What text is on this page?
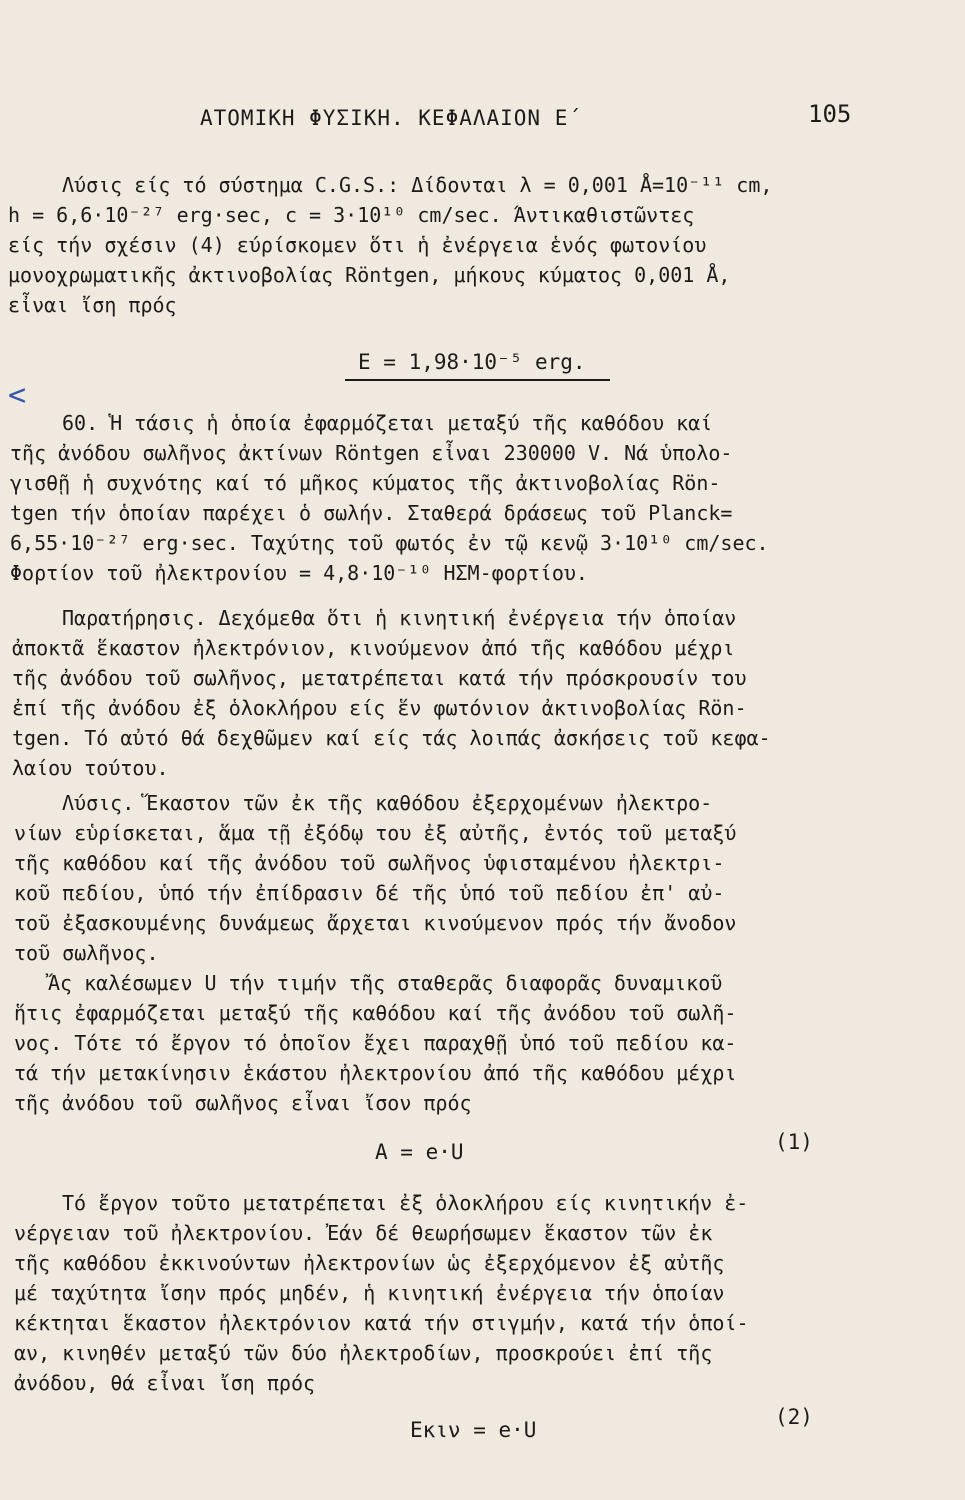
ΑΤΟΜΙΚΗ ΦΥΣΙΚΗ. ΚΕΦΑΛΑΙΟΝ Ε΄	105
Λύσις είς τό σύστημα C.G.S.: Δίδονται λ = 0,001 Å=10⁻¹¹ cm,
h = 6,6·10⁻²⁷ erg·sec, c = 3·10¹⁰ cm/sec. Άντικαθιστῶντες
είς τήν σχέσιν (4) εύρίσκομεν ὅτι ἡ ἐνέργεια ἑνός φωτονίου
μονοχρωματικῆς ἀκτινοβολίας Röntgen, μήκους κύματος 0,001 Å,
εἶναι ἴση πρός
E = 1,98·10⁻⁵ erg.
<
60. Ἡ τάσις ἡ ὁποία ἐφαρμόζεται μεταξύ τῆς καθόδου καί
τῆς ἀνόδου σωλῆνος ἀκτίνων Röntgen εἶναι 230000 V. Νά ὑπολο-
γισθῇ ἡ συχνότης καί τό μῆκος κύματος τῆς ἀκτινοβολίας Rön-
tgen τήν ὁποίαν παρέχει ὁ σωλήν. Σταθερά δράσεως τοῦ Planck=
6,55·10⁻²⁷ erg·sec. Ταχύτης τοῦ φωτός ἐν τῷ κενῷ 3·10¹⁰ cm/sec.
Φορτίον τοῦ ἠλεκτρονίου = 4,8·10⁻¹⁰ ΗΣΜ-φορτίου.
Παρατήρησις. Δεχόμεθα ὅτι ἡ κινητική ἐνέργεια τήν ὁποίαν
ἀποκτᾶ ἕκαστον ἠλεκτρόνιον, κινούμενον ἀπό τῆς καθόδου μέχρι
τῆς ἀνόδου τοῦ σωλῆνος, μετατρέπεται κατά τήν πρόσκρουσίν του
ἐπί τῆς ἀνόδου ἐξ ὁλοκλήρου είς ἕν φωτόνιον ἀκτινοβολίας Rön-
tgen. Τό αὐτό θά δεχθῶμεν καί είς τάς λοιπάς ἀσκήσεις τοῦ κεφα-
λαίου τούτου.
Λύσις. Ἕκαστον τῶν ἐκ τῆς καθόδου ἐξερχομένων ἠλεκτρο-
νίων εὑρίσκεται, ἅμα τῇ ἐξόδῳ του ἐξ αὐτῆς, ἐντός τοῦ μεταξύ
τῆς καθόδου καί τῆς ἀνόδου τοῦ σωλῆνος ὑφισταμένου ἠλεκτρι-
κοῦ πεδίου, ὑπό τήν ἐπίδρασιν δέ τῆς ὑπό τοῦ πεδίου ἐπ' αὐ-
τοῦ ἐξασκουμένης δυνάμεως ἄρχεται κινούμενον πρός τήν ἄνοδον
τοῦ σωλῆνος.
Ἄς καλέσωμεν U τήν τιμήν τῆς σταθερᾶς διαφορᾶς δυναμικοῦ
ἥτις ἐφαρμόζεται μεταξύ τῆς καθόδου καί τῆς ἀνόδου τοῦ σωλῆ-
νος. Τότε τό ἔργον τό ὁποῖον ἔχει παραχθῇ ὑπό τοῦ πεδίου κα-
τά τήν μετακίνησιν ἑκάστου ἠλεκτρονίου ἀπό τῆς καθόδου μέχρι
τῆς ἀνόδου τοῦ σωλῆνος εἶναι ἴσον πρός
A = e·U	(1)
Τό ἔργον τοῦτο μετατρέπεται ἐξ ὁλοκλήρου είς κινητικήν ἐ-
νέργειαν τοῦ ἠλεκτρονίου. Ἐάν δέ θεωρήσωμεν ἕκαστον τῶν ἐκ
τῆς καθόδου ἐκκινούντων ἠλεκτρονίων ὡς ἐξερχόμενον ἐξ αὐτῆς
μέ ταχύτητα ἴσην πρός μηδέν, ἡ κινητική ἐνέργεια τήν ὁποίαν
κέκτηται ἕκαστον ἠλεκτρόνιον κατά τήν στιγμήν, κατά τήν ὁποί-
αν, κινηθέν μεταξύ τῶν δύο ἠλεκτροδίων, προσκρούει ἐπί τῆς
ἀνόδου, θά εἶναι ἴση πρός
Eκιν = e·U
(2)
